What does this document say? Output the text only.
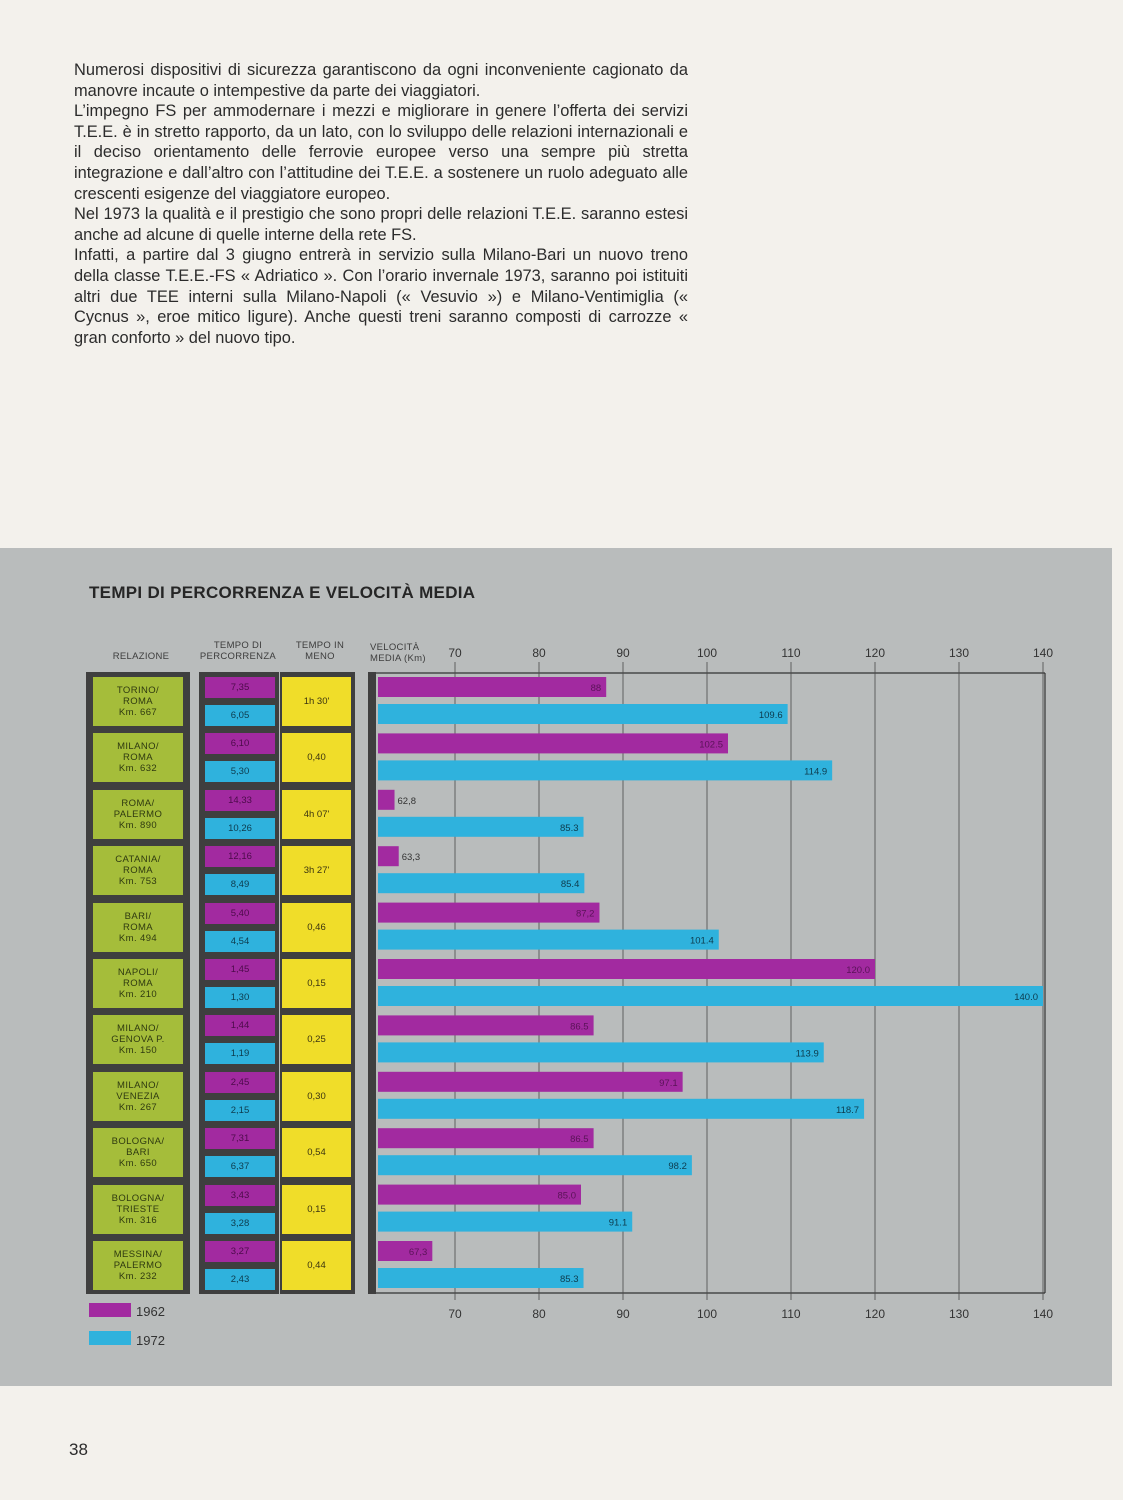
Numerosi dispositivi di sicurezza garantiscono da ogni inconveniente cagionato da manovre incaute o intempestive da parte dei viaggiatori.

L’impegno FS per ammodernare i mezzi e migliorare in genere l’offerta dei servizi T.E.E. è in stretto rapporto, da un lato, con lo sviluppo delle relazioni internazionali e il deciso orientamento delle ferrovie europee verso una sempre più stretta integrazione e dall’altro con l’attitudine dei T.E.E. a sostenere un ruolo adeguato alle crescenti esigenze del viaggiatore europeo.

Nel 1973 la qualità e il prestigio che sono propri delle relazioni T.E.E. saranno estesi anche ad alcune di quelle interne della rete FS.

Infatti, a partire dal 3 giugno entrerà in servizio sulla Milano-Bari un nuovo treno della classe T.E.E.-FS « Adriatico ». Con l’orario invernale 1973, saranno poi istituiti altri due TEE interni sulla Milano-Napoli (« Vesuvio ») e Milano-Ventimiglia (« Cycnus », eroe mitico ligure). Anche questi treni saranno composti di carrozze « gran conforto » del nuovo tipo.

TEMPI DI PERCORRENZA E VELOCITÀ MEDIA
RELAZIONE
TEMPO DI PERCORRENZA
TEMPO IN MENO
VELOCITÀ MEDIA (Km)
TORINO/
ROMA
Km. 667
7,35
6,05
1h 30'
MILANO/
ROMA
Km. 632
6,10
5,30
0,40
ROMA/
PALERMO
Km. 890
14,33
10,26
4h 07'
CATANIA/
ROMA
Km. 753
12,16
8,49
3h 27'
BARI/
ROMA
Km. 494
5,40
4,54
0,46
NAPOLI/
ROMA
Km. 210
1,45
1,30
0,15
MILANO/
GENOVA P.
Km. 150
1,44
1,19
0,25
MILANO/
VENEZIA
Km. 267
2,45
2,15
0,30
BOLOGNA/
BARI
Km. 650
7,31
6,37
0,54
BOLOGNA/
TRIESTE
Km. 316
3,43
3,28
0,15
MESSINA/
PALERMO
Km. 232
3,27
2,43
0,44
70
70
80
80
90
90
100
100
110
110
120
120
130
130
140
140
88
109.6
102.5
114.9
62,8
85.3
63,3
85.4
87,2
101.4
120.0
140.0
86.5
113.9
97.1
118.7
86.5
98.2
85.0
91.1
67,3
85.3
1962
1972
38
